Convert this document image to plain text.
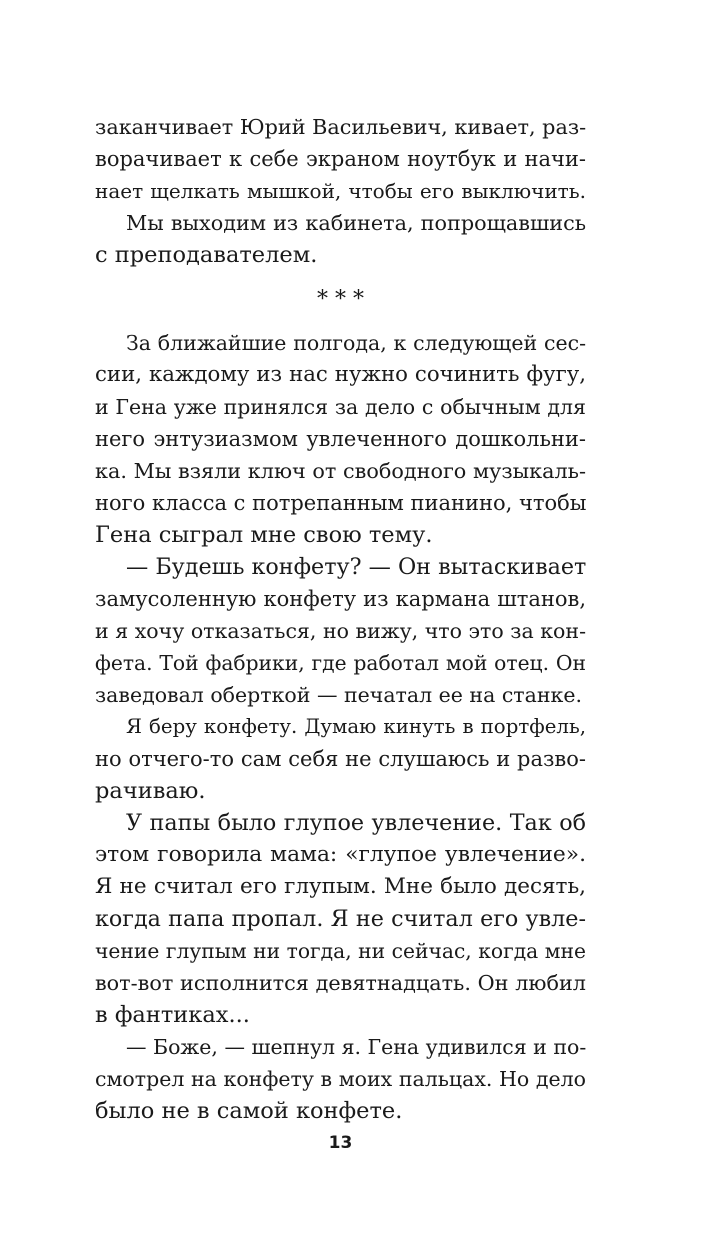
заканчивает Юрий Васильевич, кивает, раз-
ворачивает к себе экраном ноутбук и начи-
нает щелкать мышкой, чтобы его выключить.
Мы выходим из кабинета, попрощавшись
с преподавателем.
* * *
За ближайшие полгода, к следующей сес-
сии, каждому из нас нужно сочинить фугу,
и Гена уже принялся за дело с обычным для
него энтузиазмом увлеченного дошкольни-
ка. Мы взяли ключ от свободного музыкаль-
ного класса с потрепанным пианино, чтобы
Гена сыграл мне свою тему.
— Будешь конфету? — Он вытаскивает
замусоленную конфету из кармана штанов,
и я хочу отказаться, но вижу, что это за кон-
фета. Той фабрики, где работал мой отец. Он
заведовал оберткой — печатал ее на станке.
Я беру конфету. Думаю кинуть в портфель,
но отчего-то сам себя не слушаюсь и разво-
рачиваю.
У папы было глупое увлечение. Так об
этом говорила мама: «глупое увлечение».
Я не считал его глупым. Мне было десять,
когда папа пропал. Я не считал его увле-
чение глупым ни тогда, ни сейчас, когда мне
вот-вот исполнится девятнадцать. Он любил
в фантиках...
— Боже, — шепнул я. Гена удивился и по-
смотрел на конфету в моих пальцах. Но дело
было не в самой конфете.
13
